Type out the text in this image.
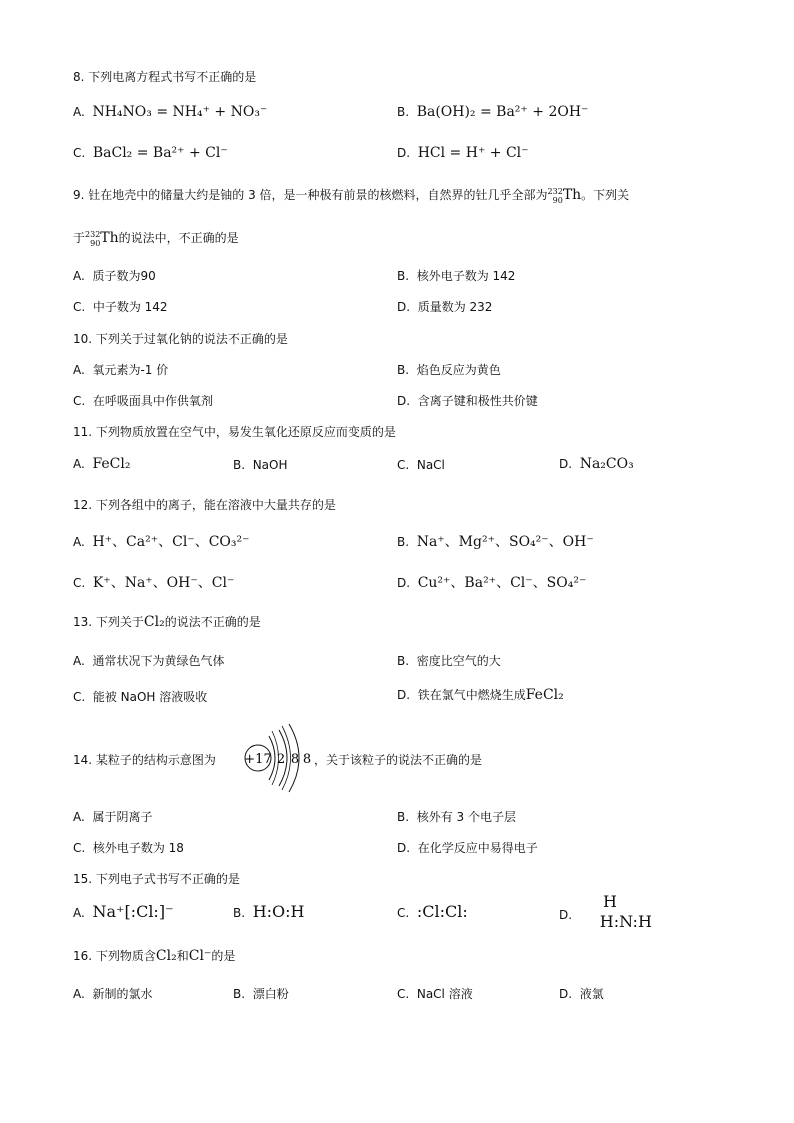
8. 下列电离方程式书写不正确的是
A. NH₄NO₃ = NH₄⁺ + NO₃⁻	B. Ba(OH)₂ = Ba²⁺ + 2OH⁻
C. BaCl₂ = Ba²⁺ + Cl⁻	D. HCl = H⁺ + Cl⁻
9. 钍在地壳中的储量大约是铀的 3 倍，是一种极有前景的核燃料，自然界的钍几乎全部为 232
90 Th。下列关
于 232
90 Th的说法中，不正确的是
A. 质子数为90	B. 核外电子数为 142
C. 中子数为 142	D. 质量数为 232
10. 下列关于过氧化钠的说法不正确的是
A. 氧元素为-1 价	B. 焰色反应为黄色
C. 在呼吸面具中作供氧剂	D. 含离子键和极性共价键
11. 下列物质放置在空气中，易发生氧化还原反应而变质的是
A. FeCl₂	B. NaOH	C. NaCl	D. Na₂CO₃
12. 下列各组中的离子，能在溶液中大量共存的是
A. H⁺、Ca²⁺、Cl⁻、CO₃²⁻	B. Na⁺、Mg²⁺、SO₄²⁻、OH⁻
C. K⁺、Na⁺、OH⁻、Cl⁻	D. Cu²⁺、Ba²⁺、Cl⁻、SO₄²⁻
13. 下列关于Cl₂的说法不正确的是
A. 通常状况下为黄绿色气体	B. 密度比空气的大
C. 能被 NaOH 溶液吸收	D. 铁在氯气中燃烧生成FeCl₂
14. 某粒子的结构示意图为 +17 2 8 8 ，关于该粒子的说法不正确的是
A. 属于阴离子	B. 核外有 3 个电子层
C. 核外电子数为 18	D. 在化学反应中易得电子
15. 下列电子式书写不正确的是
A. Na⁺[:Cl:]⁻	B. H:O:H	C. :Cl:Cl:	D.
H H:N:H
16. 下列物质含Cl₂和Cl⁻的是
A. 新制的氯水	B. 漂白粉	C. NaCl 溶液	D. 液氯
